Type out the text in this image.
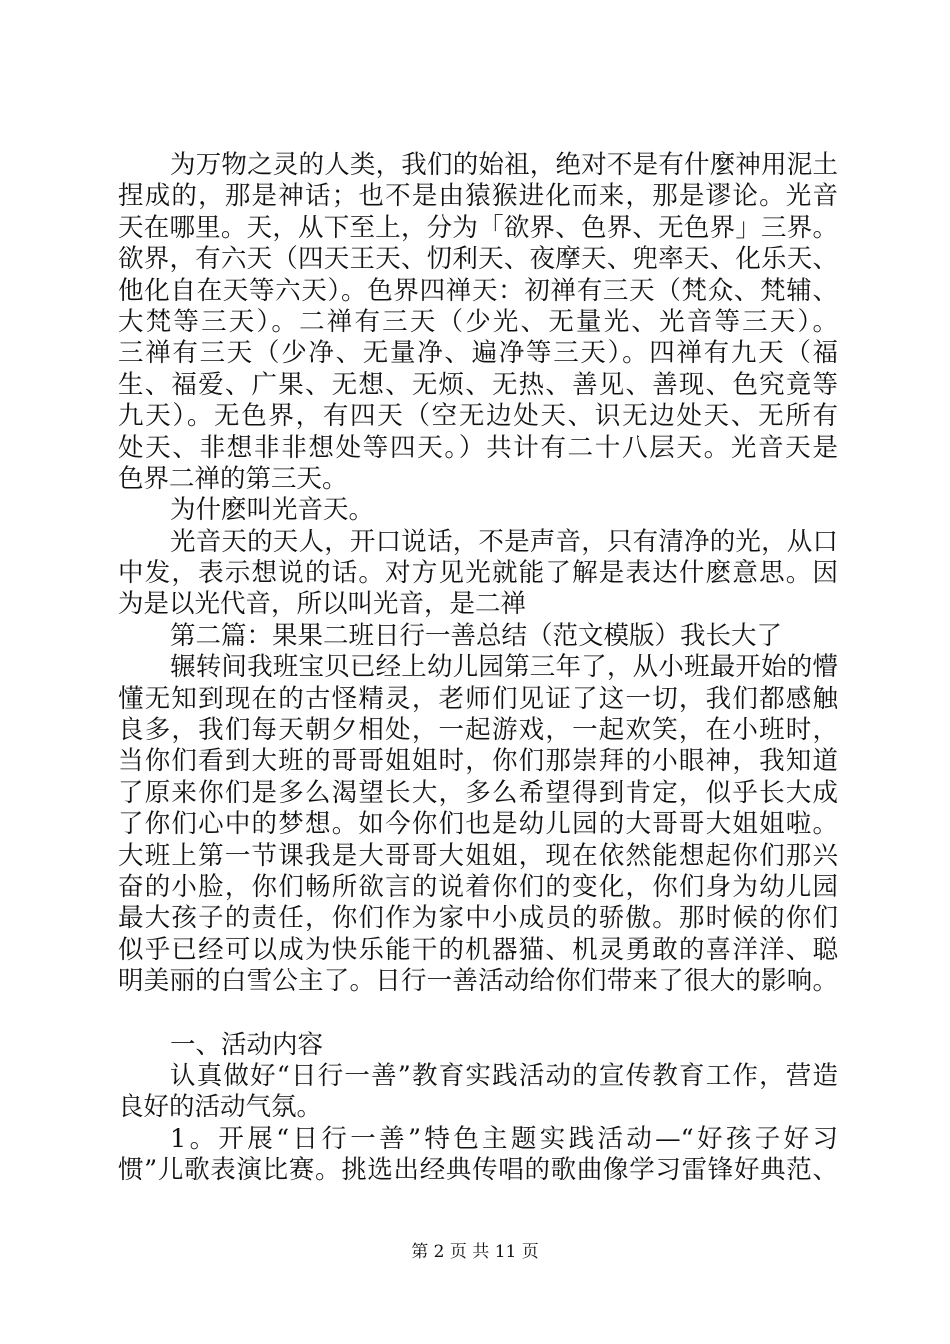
为万物之灵的人类，我们的始祖，绝对不是有什麼神用泥土
捏成的，那是神话；也不是由猿猴进化而来，那是谬论。光音
天在哪里。天，从下至上，分为「欲界、色界、无色界」三界。
欲界，有六天（四天王天、忉利天、夜摩天、兜率天、化乐天、
他化自在天等六天）。色界四禅天：初禅有三天（梵众、梵辅、
大梵等三天）。二禅有三天（少光、无量光、光音等三天）。
三禅有三天（少净、无量净、遍净等三天）。四禅有九天（福
生、福爱、广果、无想、无烦、无热、善见、善现、色究竟等
九天）。无色界，有四天（空无边处天、识无边处天、无所有
处天、非想非非想处等四天。）共计有二十八层天。光音天是
色界二禅的第三天。
为什麽叫光音天。
光音天的天人，开口说话，不是声音，只有清净的光，从口
中发，表示想说的话。对方见光就能了解是表达什麽意思。因
为是以光代音，所以叫光音，是二禅
第二篇：果果二班日行一善总结（范文模版）我长大了
辗转间我班宝贝已经上幼儿园第三年了，从小班最开始的懵
懂无知到现在的古怪精灵，老师们见证了这一切，我们都感触
良多，我们每天朝夕相处，一起游戏，一起欢笑，在小班时，
当你们看到大班的哥哥姐姐时，你们那崇拜的小眼神，我知道
了原来你们是多么渴望长大，多么希望得到肯定，似乎长大成
了你们心中的梦想。如今你们也是幼儿园的大哥哥大姐姐啦。
大班上第一节课我是大哥哥大姐姐，现在依然能想起你们那兴
奋的小脸，你们畅所欲言的说着你们的变化，你们身为幼儿园
最大孩子的责任，你们作为家中小成员的骄傲。那时候的你们
似乎已经可以成为快乐能干的机器猫、机灵勇敢的喜洋洋、聪
明美丽的白雪公主了。日行一善活动给你们带来了很大的影响。
一、活动内容
认真做好“日行一善”教育实践活动的宣传教育工作，营造
良好的活动气氛。
1。开展“日行一善”特色主题实践活动—“好孩子好习
惯”儿歌表演比赛。挑选出经典传唱的歌曲像学习雷锋好典范、
第 2 页 共 11 页
